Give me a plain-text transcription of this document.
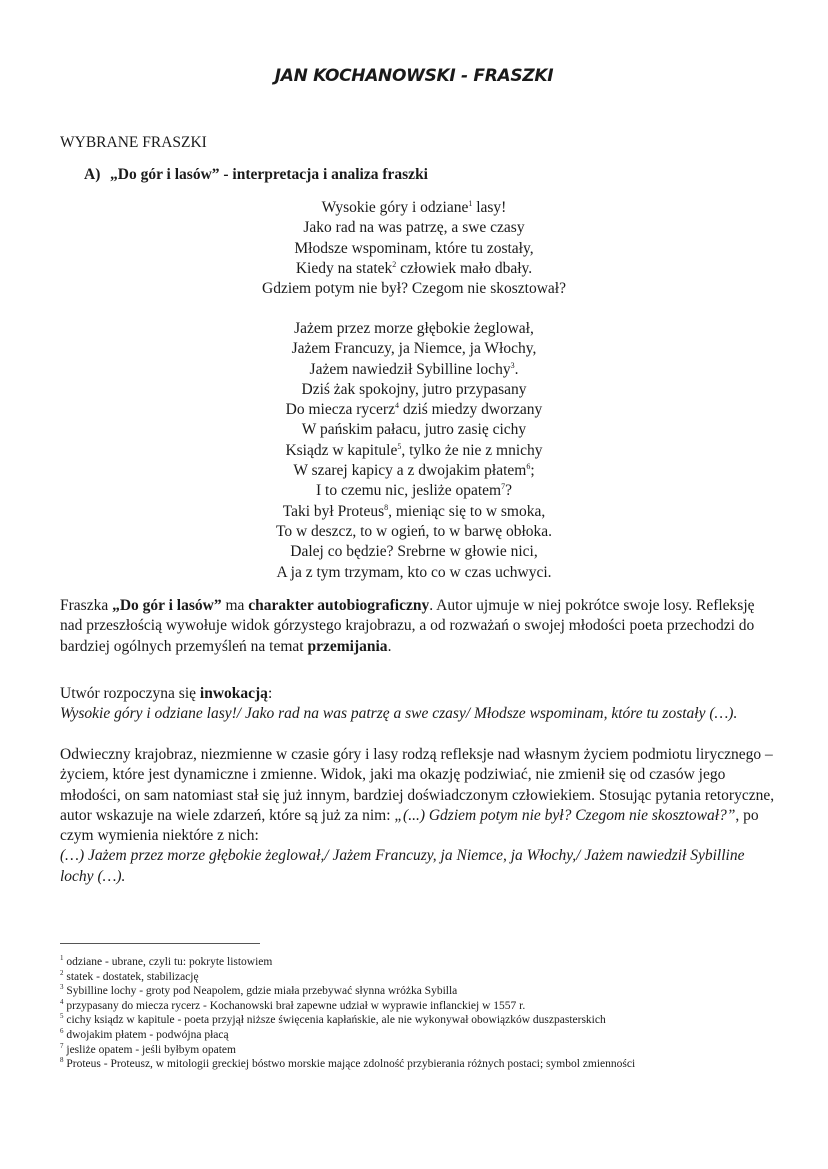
JAN KOCHANOWSKI - FRASZKI
WYBRANE FRASZKI
A) „Do gór i lasów” - interpretacja i analiza fraszki
Wysokie góry i odziane$^1$ lasy!
Jako rad na was patrzę, a swe czasy
Młodsze wspominam, które tu zostały,
Kiedy na statek$^2$ człowiek mało dbały.
Gdziem potym nie był? Czegom nie skosztował?
Jażem przez morze głębokie żeglował,
Jażem Francuzy, ja Niemce, ja Włochy,
Jażem nawiedził Sybilline lochy$^3$.
Dziś żak spokojny, jutro przypasany
Do miecza rycerz$^4$ dziś miedzy dworzany
W pańskim pałacu, jutro zasię cichy
Ksiądz w kapitule$^5$, tylko że nie z mnichy
W szarej kapicy a z dwojakim płatem$^6$;
I to czemu nic, jesliże opatem$^7$?
Taki był Proteus$^8$, mieniąc się to w smoka,
To w deszcz, to w ogień, to w barwę obłoka.
Dalej co będzie? Srebrne w głowie nici,
A ja z tym trzymam, kto co w czas uchwyci.

Fraszka „Do gór i lasów” ma charakter autobiograficzny. Autor ujmuje w niej pokrótce swoje losy. Refleksję

nad przeszłością wywołuje widok górzystego krajobrazu, a od rozważań o swojej młodości poeta przechodzi do

bardziej ogólnych przemyśleń na temat przemijania.

Utwór rozpoczyna się inwokacją:

Wysokie góry i odziane lasy!/ Jako rad na was patrzę a swe czasy/ Młodsze wspominam, które tu zostały (…).

Odwieczny krajobraz, niezmienne w czasie góry i lasy rodzą refleksje nad własnym życiem podmiotu lirycznego –

życiem, które jest dynamiczne i zmienne. Widok, jaki ma okazję podziwiać, nie zmienił się od czasów jego

młodości, on sam natomiast stał się już innym, bardziej doświadczonym człowiekiem. Stosując pytania retoryczne,

autor wskazuje na wiele zdarzeń, które są już za nim: „(...) Gdziem potym nie był? Czegom nie skosztował?”, po

czym wymienia niektóre z nich:

(…) Jażem przez morze głębokie żeglował,/ Jażem Francuzy, ja Niemce, ja Włochy,/ Jażem nawiedził Sybilline

lochy (…).

$^1$ odziane - ubrane, czyli tu: pokryte listowiem
$^2$ statek - dostatek, stabilizację
$^3$ Sybilline lochy - groty pod Neapolem, gdzie miała przebywać słynna wróżka Sybilla
$^4$ przypasany do miecza rycerz - Kochanowski brał zapewne udział w wyprawie inflanckiej w 1557 r.
$^5$ cichy ksiądz w kapitule - poeta przyjął niższe święcenia kapłańskie, ale nie wykonywał obowiązków duszpasterskich
$^6$ dwojakim płatem - podwójna płacą
$^7$ jesliże opatem - jeśli byłbym opatem
$^8$ Proteus - Proteusz, w mitologii greckiej bóstwo morskie mające zdolność przybierania różnych postaci; symbol zmienności
